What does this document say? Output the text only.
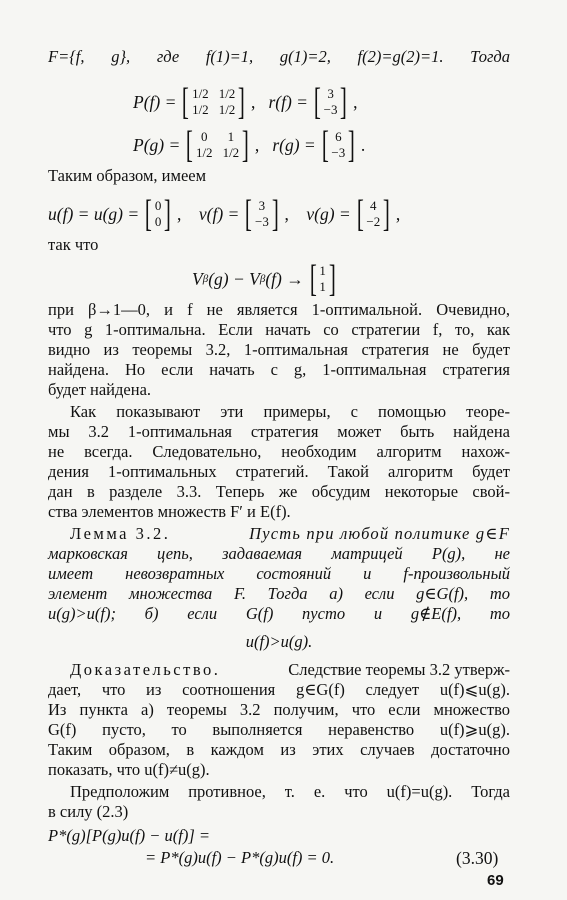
F={f, g}, где f(1)=1, g(1)=2, f(2)=g(2)=1. Тогда
P(f) = [ 1/2 1/2
1/2 1/2 ] , r(f) = [ 3
−3 ] ,
P(g) = [ 0	1
1/2 1/2 ] , r(g) = [ 6
−3 ] .
Таким образом, имеем
u(f) = u(g) = [ 0
0 ] , v(f) = [ 3
−3 ] , v(g) = [ 4
−2 ] ,
так что
V β (g) − V β (f) → [ 1
1 ]
при β→1—0, и f не является 1-оптимальной. Очевидно,
что g 1-оптимальна. Если начать со стратегии f, то, как
видно из теоремы 3.2, 1-оптимальная стратегия не будет
найдена. Но если начать с g, 1-оптимальная стратегия
будет найдена.
Как показывают эти примеры, с помощью теоре-
мы 3.2 1-оптимальная стратегия может быть найдена
не всегда. Следовательно, необходим алгоритм нахож-
дения 1-оптимальных стратегий. Такой алгоритм будет
дан в разделе 3.3. Теперь же обсудим некоторые свой-
ства элементов множеств F′ и E(f).
Лемма 3.2.	Пусть при любой политике g∈F
марковская цепь, задаваемая матрицей P(g), не
имеет невозвратных состояний и f-произвольный
элемент множества F. Тогда а) если g∈G(f), то
u(g)>u(f); б) если G(f) пусто и g∉E(f), то
u(f)>u(g).
Доказательство.	Следствие теоремы 3.2 утверж-
дает, что из соотношения g∈G(f) следует u(f)⩽u(g).
Из пункта а) теоремы 3.2 получим, что если множество
G(f) пусто, то выполняется неравенство u(f)⩾u(g).
Таким образом, в каждом из этих случаев достаточно
показать, что u(f)≠u(g).
Предположим противное, т. е. что u(f)=u(g). Тогда
в силу (2.3)
P*(g)[P(g)u(f) − u(f)] =
= P*(g)u(f) − P*(g)u(f) = 0.	(3.30)
69
